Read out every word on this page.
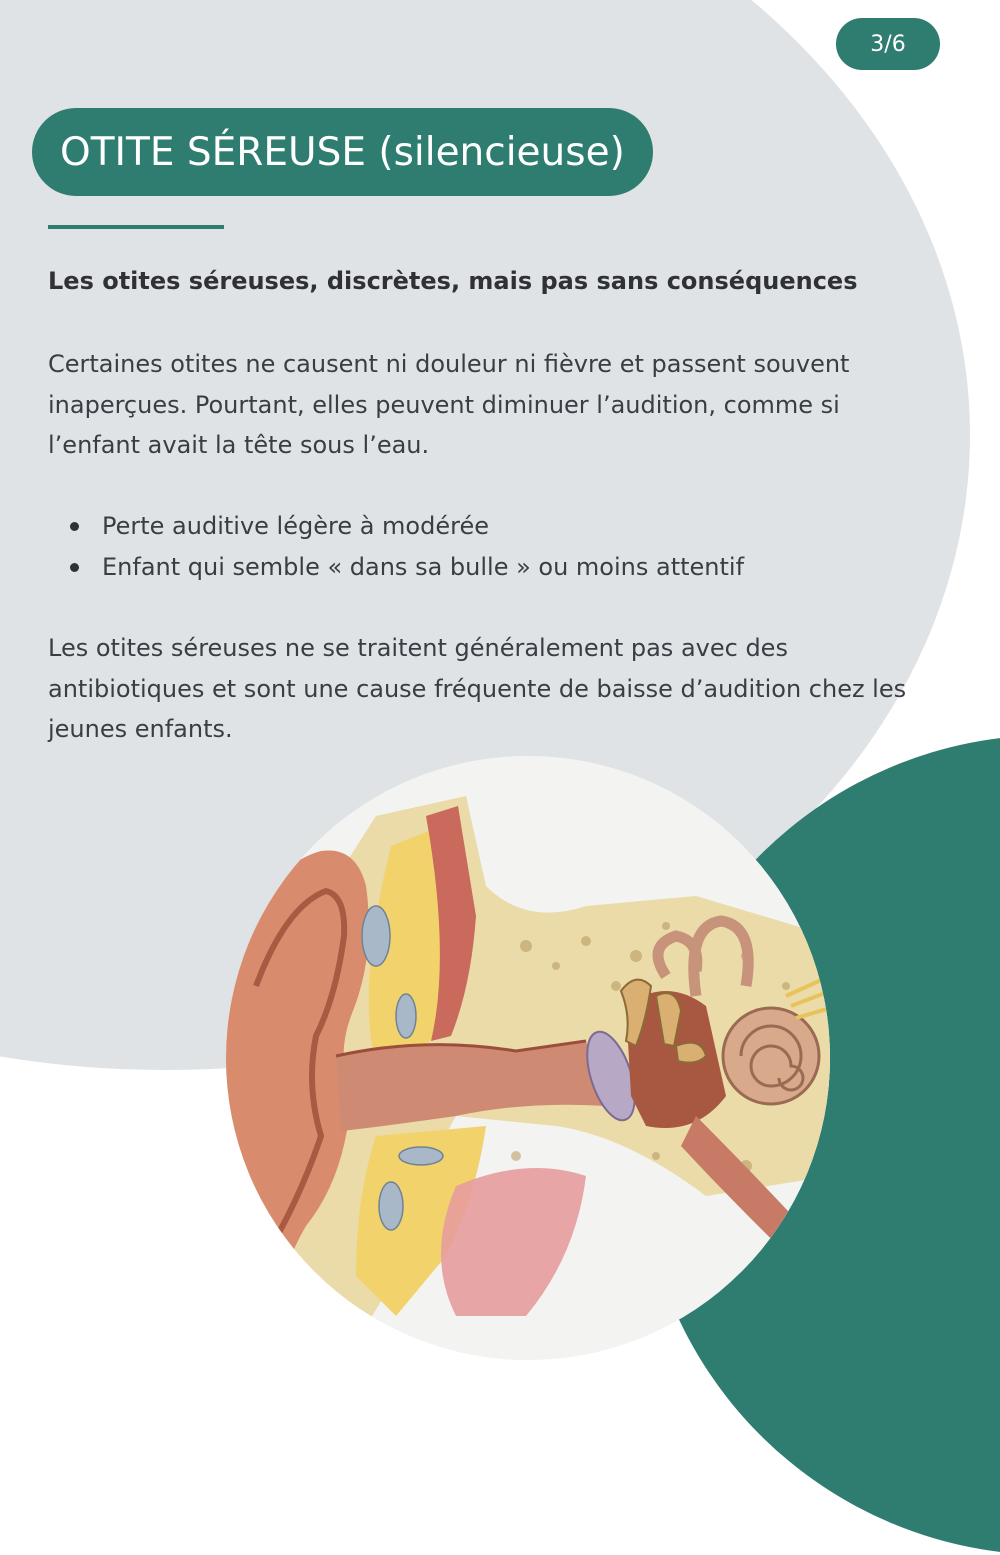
3/6
OTITE SÉREUSE (silencieuse)
Les otites séreuses, discrètes, mais pas sans conséquences
Certaines otites ne causent ni douleur ni fièvre et passent souvent inaperçues. Pourtant, elles peuvent diminuer l’audition, comme si l’enfant avait la tête sous l’eau.
Perte auditive légère à modérée
Enfant qui semble « dans sa bulle » ou moins attentif
Les otites séreuses ne se traitent généralement pas avec des antibiotiques et sont une cause fréquente de baisse d’audition chez les jeunes enfants.
